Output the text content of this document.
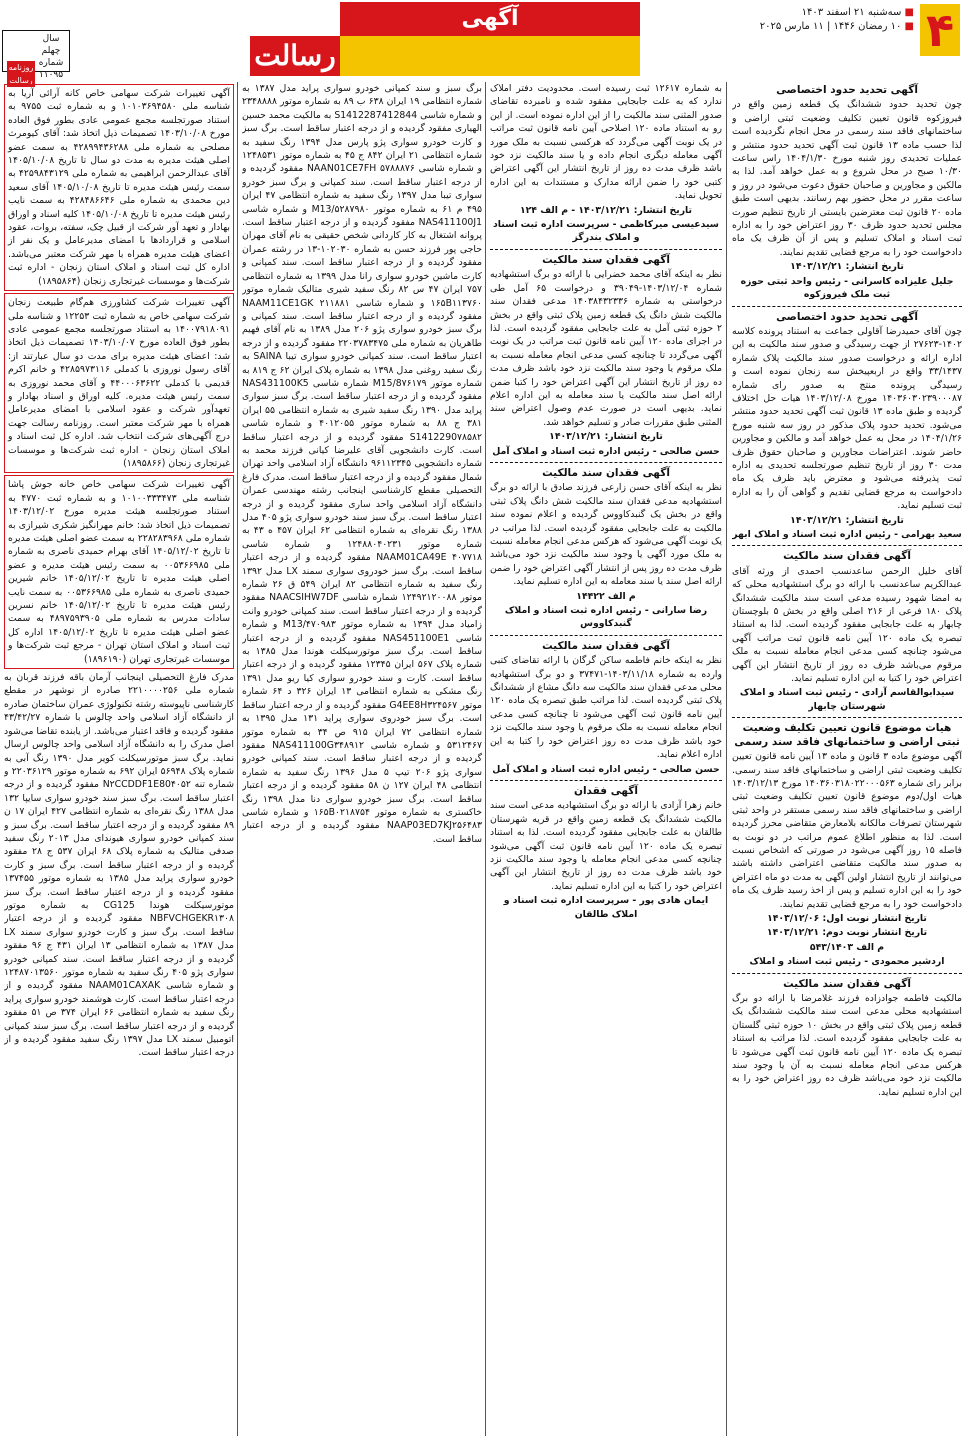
۴
■ سه‌شنبه ۲۱ اسفند ۱۴۰۳
■ ۱۰ رمضان ۱۴۴۶ | ۱۱ مارس ۲۰۲۵
آگهی
رسالت
روزنامه رسالت
سال چهلم
شماره ۱۱۰۹۵
آگهی تحدید حدود اختصاصی

چون تحدید حدود ششدانگ یک قطعه زمین واقع در فیروزکوه قانون تعیین تکلیف وضعیت ثبتی اراضی و ساختمانهای فاقد سند رسمی در محل انجام نگردیده است لذا حسب ماده ۱۳ قانون ثبت آگهی تحدید حدود منتشر و عملیات تحدیدی روز شنبه مورخ ۱۴۰۴/۱/۳۰ راس ساعت ۱۰/۳۰ صبح در محل شروع و به عمل خواهد آمد. لذا به مالکین و مجاورین و صاحبان حقوق دعوت می‌شود در روز و ساعت مقرر در محل حضور بهم رسانند. بدیهی است طبق ماده ۲۰ قانون ثبت معترضین بایستی از تاریخ تنظیم صورت مجلس تحدید حدود ظرف ۳۰ روز اعتراض خود را به اداره ثبت اسناد و املاک تسلیم و پس از آن ظرف یک ماه دادخواست خود را به مرجع قضایی تقدیم نمایند.

تاریخ انتشار: ۱۴۰۳/۱۲/۲۱
جلیل علیزاده کاسرانی - رئیس واحد ثبتی حوزه ثبت ملک فیروزکوه
آگهی تحدید حدود اختصاصی

چون آقای حمیدرضا آقاولی جماعت به استناد پرونده کلاسه ۱۴۰۲-۲۷۶۲۳ از جهت رسیدگی و صدور سند مالکیت به این اداره ارائه و درخواست صدور سند مالکیت پلاک شماره ۳۳/۱۴۳۷ واقع در اربعپیخش سه زنجان نموده است و رسیدگی پرونده منتج به صدور رای شماره ۱۴۰۳۶۰۳۰۲۳۹۰۰۰۸۷ مورخ ۱۴۰۳/۱۲/۰۸ هیات حل اختلاف گردیده و طبق ماده ۱۳ قانون ثبت آگهی تحدید حدود منتشر می‌شود. تحدید حدود پلاک مذکور در روز سه شنبه مورخ ۱۴۰۴/۱/۲۶ در محل به عمل خواهد آمد و مالکین و مجاورین حاضر شوند. اعتراضات مجاورین و صاحبان حقوق ظرف مدت ۳۰ روز از تاریخ تنظیم صورتجلسه تحدیدی به اداره ثبت پذیرفته می‌شود و معترض باید ظرف یک ماه دادخواست به مرجع قضایی تقدیم و گواهی آن را به اداره ثبت تسلیم نماید.

تاریخ انتشار: ۱۴۰۳/۱۲/۲۱
سعید بهرامی - رئیس اداره ثبت اسناد و املاک ابهر
آگهی فقدان سند مالکیت

آقای خلیل الرحمن ساعدنسب احمدی از ورثه آقای عبدالکریم ساعدنسب با ارائه دو برگ استشهادیه محلی که به امضا شهود رسیده مدعی است سند مالکیت ششدانگ پلاک ۱۸۰ فرعی از ۲۱۶ اصلی واقع در بخش ۵ بلوچستان چابهار به علت جابجایی مفقود گردیده است. لذا به استناد تبصره یک ماده ۱۲۰ آیین نامه قانون ثبت مراتب آگهی می‌شود چنانچه کسی مدعی انجام معامله نسبت به ملک مرقوم می‌باشد ظرف ده روز از تاریخ انتشار این آگهی اعتراض خود را کتبا به این اداره تسلیم نماید.

سیدابوالقاسم آزادی - رئیس ثبت اسناد و املاک شهرستان چابهار
هیات موضوع قانون تعیین تکلیف وضعیت ثبتی اراضی و ساختمانهای فاقد سند رسمی

آگهی موضوع ماده ۳ قانون و ماده ۱۳ آیین نامه قانون تعیین تکلیف وضعیت ثبتی اراضی و ساختمانهای فاقد سند رسمی. برابر رای شماره ۱۴۰۳۶۰۳۱۸۰۲۲۰۰۰۵۶۳ مورخ ۱۴۰۳/۱۲/۱۳ هیات اول/دوم موضوع قانون تعیین تکلیف وضعیت ثبتی اراضی و ساختمانهای فاقد سند رسمی مستقر در واحد ثبتی شهرستان تصرفات مالکانه بلامعارض متقاضی محرز گردیده است. لذا به منظور اطلاع عموم مراتب در دو نوبت به فاصله ۱۵ روز آگهی می‌شود در صورتی که اشخاص نسبت به صدور سند مالکیت متقاضی اعتراضی داشته باشند می‌توانند از تاریخ انتشار اولین آگهی به مدت دو ماه اعتراض خود را به این اداره تسلیم و پس از اخذ رسید ظرف یک ماه دادخواست خود را به مرجع قضایی تقدیم نمایند.

تاریخ انتشار نوبت اول: ۱۴۰۳/۱۲/۰۶
تاریخ انتشار نوبت دوم: ۱۴۰۳/۱۲/۲۱
م الف ۵۴۳/۱۴۰۳
اردشیر محمودی - رئیس ثبت اسناد و املاک
آگهی فقدان سند مالکیت

مالکیت فاطمه جوادزاده فرزند غلامرضا با ارائه دو برگ استشهادیه محلی مدعی است سند مالکیت ششدانگ یک قطعه زمین پلاک ثبتی واقع در بخش ۱۰ حوزه ثبتی گلستان به علت جابجایی مفقود گردیده است. لذا مراتب به استناد تبصره یک ماده ۱۲۰ آیین نامه قانون ثبت آگهی می‌شود تا هرکس مدعی انجام معامله نسبت به آن یا وجود سند مالکیت نزد خود می‌باشد ظرف ده روز اعتراض خود را به این اداره تسلیم نماید.

به شماره ۱۲۶۱۷ ثبت رسیده است. محدودیت دفتر املاک ندارد که به علت جابجایی مفقود شده و نامبرده تقاضای صدور المثنی سند مالکیت را از این اداره نموده است. از این رو به استناد ماده ۱۲۰ اصلاحی آیین نامه قانون ثبت مراتب در یک نوبت آگهی می‌گردد که هرکسی نسبت به ملک مورد آگهی معامله دیگری انجام داده و یا سند مالکیت نزد خود باشد ظرف مدت ده روز از تاریخ انتشار این آگهی اعتراض کتبی خود را ضمن ارائه مدارک و مستندات به این اداره تحویل نماید.

تاریخ انتشار: ۱۴۰۳/۱۲/۲۱ - م الف ۱۲۴
سیدعیسی میرکاظمی - سرپرست اداره ثبت اسناد و املاک بندرگز
آگهی فقدان سند مالکیت

نظر به اینکه آقای محمد خضرایی با ارائه دو برگ استشهادیه شماره ۱۴۰۳/۱۲/۰۴-۳۹۰۴۹ و درخواست ۶۵ آمل طی درخواستی به شماره ۱۴۰۳۸۴۳۲۳۳۶ مدعی فقدان سند مالکیت شش دانگ یک قطعه زمین پلاک ثبتی واقع در بخش ۲ حوزه ثبتی آمل به علت جابجایی مفقود گردیده است. لذا در اجرای ماده ۱۲۰ آیین نامه قانون ثبت مراتب در یک نوبت آگهی می‌گردد تا چنانچه کسی مدعی انجام معامله نسبت به ملک مرقوم یا وجود سند مالکیت نزد خود باشد ظرف مدت ده روز از تاریخ انتشار این آگهی اعتراض خود را کتبا ضمن ارائه اصل سند مالکیت یا سند معامله به این اداره اعلام نماید. بدیهی است در صورت عدم وصول اعتراض سند المثنی طبق مقررات صادر و تسلیم خواهد شد.

تاریخ انتشار: ۱۴۰۳/۱۲/۲۱
حسن صالحی - رئیس اداره ثبت اسناد و املاک آمل
آگهی فقدان سند مالکیت

نظر به اینکه آقای حسن زارعی فرزند صادق با ارائه دو برگ استشهادیه مدعی فقدان سند مالکیت شش دانگ پلاک ثبتی واقع در بخش یک گنبدکاووس گردیده و اعلام نموده سند مالکیت به علت جابجایی مفقود گردیده است. لذا مراتب در یک نوبت آگهی می‌شود که هرکس مدعی انجام معامله نسبت به ملک مورد آگهی یا وجود سند مالکیت نزد خود می‌باشد ظرف مدت ده روز پس از انتشار آگهی اعتراض خود را ضمن ارائه اصل سند یا سند معامله به این اداره تسلیم نماید.

م الف ۱۴۴۲۲
رضا سارانی - رئیس اداره ثبت اسناد و املاک گنبدکاووس
آگهی فقدان سند مالکیت

نظر به اینکه خانم فاطمه ساکن گرگان با ارائه تقاضای کتبی وارده به شماره ۱۴۰۳/۱۱/۱۸-۳۷۴۷۱ و دو برگ استشهادیه محلی مدعی فقدان سند مالکیت سه دانگ مشاع از ششدانگ پلاک ثبتی گردیده است. لذا مراتب طبق تبصره یک ماده ۱۲۰ آیین نامه قانون ثبت آگهی می‌شود تا چنانچه کسی مدعی انجام معامله نسبت به ملک مرقوم یا وجود سند مالکیت نزد خود باشد ظرف مدت ده روز اعتراض خود را کتبا به این اداره اعلام نماید.

حسن صالحی - رئیس اداره ثبت اسناد و املاک آمل
آگهی فقدان

خانم زهرا آزادی با ارائه دو برگ استشهادیه مدعی است سند مالکیت ششدانگ یک قطعه زمین واقع در قریه شهرستان طالقان به علت جابجایی مفقود گردیده است. لذا به استناد تبصره یک ماده ۱۲۰ آیین نامه قانون ثبت آگهی می‌شود چنانچه کسی مدعی انجام معامله یا وجود سند مالکیت نزد خود باشد ظرف مدت ده روز از تاریخ انتشار این آگهی اعتراض خود را کتبا به این اداره تسلیم نماید.

ایمان هادی پور - سرپرست اداره ثبت اسناد و املاک طالقان

برگ سبز و سند کمپانی خودرو سواری پراید مدل ۱۳۸۷ به شماره انتظامی ۱۹ ایران ۶۳۸ ب ۸۹ به شماره موتور ۲۳۴۸۸۸۸ و شماره شاسی S1412287412844 به مالکیت محمد حسین الهیاری مفقود گردیده و از درجه اعتبار ساقط است. برگ سبز و کارت خودرو سواری پژو پارس مدل ۱۳۹۴ رنگ سفید به شماره انتظامی ۲۱ ایران ۸۴۲ ج ۴۵ به شماره موتور ۱۲۴۸۵۳۱ و شماره شاسی NAAN01CE7FH ۵۷۸۸۸۷۶ مفقود گردیده و از درجه اعتبار ساقط است. سند کمپانی و برگ سبز خودرو سواری تیبا مدل ۱۳۹۷ رنگ سفید به شماره انتظامی ۴۷ ایران ۴۹۵ م ۶۱ به شماره موتور M13/۵۲۸۷۹۸۰ و شماره شاسی NAS411100J1 مفقود گردیده و از درجه اعتبار ساقط است. پروانه اشتغال به کار کاردانی شخص حقیقی به نام آقای مهران حاجی پور فرزند حسن به شماره ۱۰۲۰۳۰-۱۳ در رشته عمران مفقود گردیده و از درجه اعتبار ساقط است. سند کمپانی و کارت ماشین خودرو سواری رانا مدل ۱۳۹۹ به شماره انتظامی ۷۵۷ ایران ۴۷ س ۸۲ رنگ سفید شیری متالیک شماره موتور ۱۶۵B۱۱۳۷۶۰ و شماره شاسی NAAM11CE1GK ۲۱۱۸۸۱ مفقود گردیده و از درجه اعتبار ساقط است. سند کمپانی و برگ سبز خودرو سواری پژو ۲۰۶ مدل ۱۳۸۹ به نام آقای فهیم طاهریان به شماره ملی ۲۲۰۳۷۸۳۴۷۵ مفقود گردیده و از درجه اعتبار ساقط است. سند کمپانی خودرو سواری تیبا SAINA به رنگ سفید روغنی مدل ۱۳۹۸ به شماره پلاک ایران ۶۲ ج ۸۱۹ به شماره موتور M15/8۷۶۱۷۹ شماره شاسی NAS431100K5 مفقود گردیده و از درجه اعتبار ساقط است. برگ سبز سواری پراید مدل ۱۳۹۰ رنگ سفید شیری به شماره انتظامی ۵۵ ایران ۳۸۱ ج ۸۸ به شماره موتور ۴۰۱۲۰۵۵ و شماره شاسی S1412290۷۸۵۸۲ مفقود گردیده و از درجه اعتبار ساقط است. کارت دانشجویی آقای علیرضا کیانی فرزند محمد به شماره دانشجویی ۹۶۱۱۲۳۴۵ دانشگاه آزاد اسلامی واحد تهران شمال مفقود گردیده و از درجه اعتبار ساقط است. مدرک فارغ التحصیلی مقطع کارشناسی اینجانب رشته مهندسی عمران دانشگاه آزاد اسلامی واحد ساری مفقود گردیده و از درجه اعتبار ساقط است. برگ سبز سند خودرو سواری پژو ۴۰۵ مدل ۱۳۸۸ رنگ نقره‌ای به شماره انتظامی ۶۲ ایران ۴۵۷ ه ۴۳ به شماره موتور ۱۲۴۸۸۰۴۰۲۳۱ و شماره شاسی NAAM01CA49E ۴۰۷۷۱۸ مفقود گردیده و از درجه اعتبار ساقط است. برگ سبز خودروی سواری سمند LX مدل ۱۳۹۲ رنگ سفید به شماره انتظامی ۸۲ ایران ۵۴۹ ق ۲۶ شماره موتور ۱۲۴۹۲۱۲۰۰۸۸ شماره شاسی NAACSIHW7DF مفقود گردیده و از درجه اعتبار ساقط است. سند کمپانی خودرو وانت زامیاد مدل ۱۳۹۴ به شماره موتور M13/۴۷۰۹۸۳ و شماره شاسی NAS451100E1 مفقود گردیده و از درجه اعتبار ساقط است. برگ سبز موتورسیکلت هوندا مدل ۱۳۸۵ به شماره پلاک ۵۶۷ ایران ۱۲۳۴۵ مفقود گردیده و از درجه اعتبار ساقط است. کارت و سند خودرو سواری کیا ریو مدل ۱۳۹۱ رنگ مشکی به شماره انتظامی ۱۳ ایران ۳۲۶ د ۶۴ شماره موتور G4EE8H۳۲۴۵۶۷ مفقود گردیده و از درجه اعتبار ساقط است. برگ سبز خودروی سواری پراید ۱۳۱ مدل ۱۳۹۵ به شماره انتظامی ۷۲ ایران ۹۱۵ ص ۳۴ به شماره موتور ۵۳۱۲۴۶۷ و شماره شاسی NAS411100G۳۴۸۹۱۲ مفقود گردیده و از درجه اعتبار ساقط است. سند کمپانی خودرو سواری پژو ۲۰۶ تیپ ۵ مدل ۱۳۹۶ رنگ سفید به شماره انتظامی ۴۸ ایران ۱۲۷ ن ۵۸ مفقود گردیده و از درجه اعتبار ساقط است. برگ سبز خودرو سواری دنا مدل ۱۳۹۸ رنگ خاکستری به شماره موتور ۱۶۵B۰۲۱۸۷۵۴ و شماره شاسی NAAP03ED7KJ۲۵۶۴۸۳ مفقود گردیده و از درجه اعتبار ساقط است.

آگهی تغییرات شرکت سهامی خاص کانه آرائی آریا به شناسه ملی ۱۰۱۰۳۶۹۴۵۸۰ و به شماره ثبت ۹۷۵۵ به استناد صورتجلسه مجمع عمومی عادی بطور فوق العاده مورخ ۱۴۰۳/۱۰/۰۸ تصمیمات ذیل اتخاذ شد: آقای کیومرث مصلحی به شماره ملی ۴۲۸۹۹۴۳۶۲۸۸ به سمت عضو اصلی هیئت مدیره به مدت دو سال تا تاریخ ۱۴۰۵/۱۰/۰۸ آقای عبدالرحمن ابراهیمی به شماره ملی ۴۲۵۹۸۴۳۱۲۹ به سمت رئیس هیئت مدیره تا تاریخ ۱۴۰۵/۱۰/۰۸ آقای سعید دین محمدی به شماره ملی ۴۲۸۴۸۶۶۴۶ به سمت نایب رئیس هیئت مدیره تا تاریخ ۱۴۰۵/۱۰/۰۸ کلیه اسناد و اوراق بهادار و تعهد آور شرکت از قبیل چک، سفته، بروات، عقود اسلامی و قراردادها با امضای مدیرعامل و یک نفر از اعضای هیئت مدیره همراه با مهر شرکت معتبر می‌باشد. اداره کل ثبت اسناد و املاک استان زنجان - اداره ثبت شرکت‌ها و موسسات غیرتجاری زنجان (۱۸۹۵۸۶۴)

آگهی تغییرات شرکت کشاورزی هم‌گام طبیعت زنجان شرکت سهامی خاص به شماره ثبت ۱۲۲۵۳ و شناسه ملی ۱۴۰۰۷۹۱۸۰۹۱ به استناد صورتجلسه مجمع عمومی عادی بطور فوق العاده مورخ ۱۴۰۳/۱۰/۰۷ تصمیمات ذیل اتخاذ شد: اعضای هیئت مدیره برای مدت دو سال عبارتند از: آقای رسول نوروزی با کدملی ۴۲۸۵۹۷۳۱۱۶ و خانم اکرم قدیمی با کدملی ۴۴۰۰۰۶۳۶۲۲ و آقای محمد نوروزی به سمت رئیس هیئت مدیره. کلیه اوراق و اسناد بهادار و تعهدآور شرکت و عقود اسلامی با امضای مدیرعامل همراه با مهر شرکت معتبر است. روزنامه رسالت جهت درج آگهی‌های شرکت انتخاب شد. اداره کل ثبت اسناد و املاک استان زنجان - اداره ثبت شرکت‌ها و موسسات غیرتجاری زنجان (۱۸۹۵۸۶۶)

آگهی تغییرات شرکت سهامی خاص خانه جوش پاشا شناسه ملی ۱۰۱۰۰۳۳۳۴۷۳ و به شماره ثبت ۴۷۷۰ به استناد صورتجلسه هیئت مدیره مورخ ۱۴۰۳/۱۲/۰۲ تصمیمات ذیل اتخاذ شد: خانم مهرانگیز شکری شیرازی به شماره ملی ۲۲۸۲۸۳۹۶۸ به سمت عضو اصلی هیئت مدیره تا تاریخ ۱۴۰۵/۱۲/۰۲ آقای بهرام حمیدی ناصری به شماره ملی ۰۰۵۳۶۶۹۸۵ به سمت رئیس هیئت مدیره و عضو اصلی هیئت مدیره تا تاریخ ۱۴۰۵/۱۲/۰۲ خانم شیرین حمیدی ناصری به شماره ملی ۰۰۵۳۶۶۹۸۵ به سمت نایب رئیس هیئت مدیره تا تاریخ ۱۴۰۵/۱۲/۰۲ خانم نسرین سادات مدرس به شماره ملی ۴۸۹۷۵۹۳۹۰۵ به سمت عضو اصلی هیئت مدیره تا تاریخ ۱۴۰۵/۱۲/۰۲ اداره کل ثبت اسناد و املاک استان تهران - مرجع ثبت شرکت‌ها و موسسات غیرتجاری تهران (۱۸۹۶۱۹۰)

مدرک فارغ التحصیلی اینجانب آرمان باقه فرزند قربان به شماره ملی ۲۲۱۰۰۰۰۲۵۶ صادره از نوشهر در مقطع کارشناسی ناپیوسته رشته تکنولوژی عمران ساختمان صادره از دانشگاه آزاد اسلامی واحد چالوس با شماره ۴۳/۴۲/۲۷ مفقود گردیده و فاقد اعتبار می‌باشد. از یابنده تقاضا می‌شود اصل مدرک را به دانشگاه آزاد اسلامی واحد چالوس ارسال نماید. برگ سبز موتورسیکلت کویر مدل ۱۳۹۰ رنگ آبی به شماره پلاک ۵۶۹۴۸ ایران ۶۹۲ به شماره موتور ۲۲۰۳۶۱۲۹ و شماره تنه N۲CCDDF1E80۴۰۵۲ مفقود گردیده و از درجه اعتبار ساقط است. برگ سبز سند خودرو سواری سایپا ۱۳۲ مدل ۱۳۸۸ رنگ نقره‌ای به شماره انتظامی ۴۲۷ ایران ۱۷ ن ۸۹ مفقود گردیده و از درجه اعتبار ساقط است. برگ سبز و سند کمپانی خودرو سواری هیوندای مدل ۲۰۱۳ رنگ سفید صدفی متالیک به شماره پلاک ۶۸ ایران ۵۳۷ ج ۲۸ مفقود گردیده و از درجه اعتبار ساقط است. برگ سبز و کارت خودرو سواری پراید مدل ۱۳۸۵ به شماره موتور ۱۳۷۴۵۵ مفقود گردیده و از درجه اعتبار ساقط است. برگ سبز موتورسیکلت هوندا CG125 به شماره موتور NBFVCHGEKR۱۳۰۸ مفقود گردیده و از درجه اعتبار ساقط است. برگ سبز و کارت خودرو سواری سمند LX مدل ۱۳۸۷ به شماره انتظامی ۱۳ ایران ۴۳۱ ج ۹۶ مفقود گردیده و از درجه اعتبار ساقط است. سند کمپانی خودرو سواری پژو ۴۰۵ رنگ سفید به شماره موتور ۱۲۴۸۷۰۱۳۵۶۰ و شماره شاسی NAAM01CAXAK مفقود گردیده و از درجه اعتبار ساقط است. کارت هوشمند خودرو سواری پراید رنگ سفید به شماره انتظامی ۶۶ ایران ۳۷۴ ص ۵۱ مفقود گردیده و از درجه اعتبار ساقط است. برگ سبز سند کمپانی اتومبیل سمند LX مدل ۱۳۹۷ رنگ سفید مفقود گردیده و از درجه اعتبار ساقط است.
